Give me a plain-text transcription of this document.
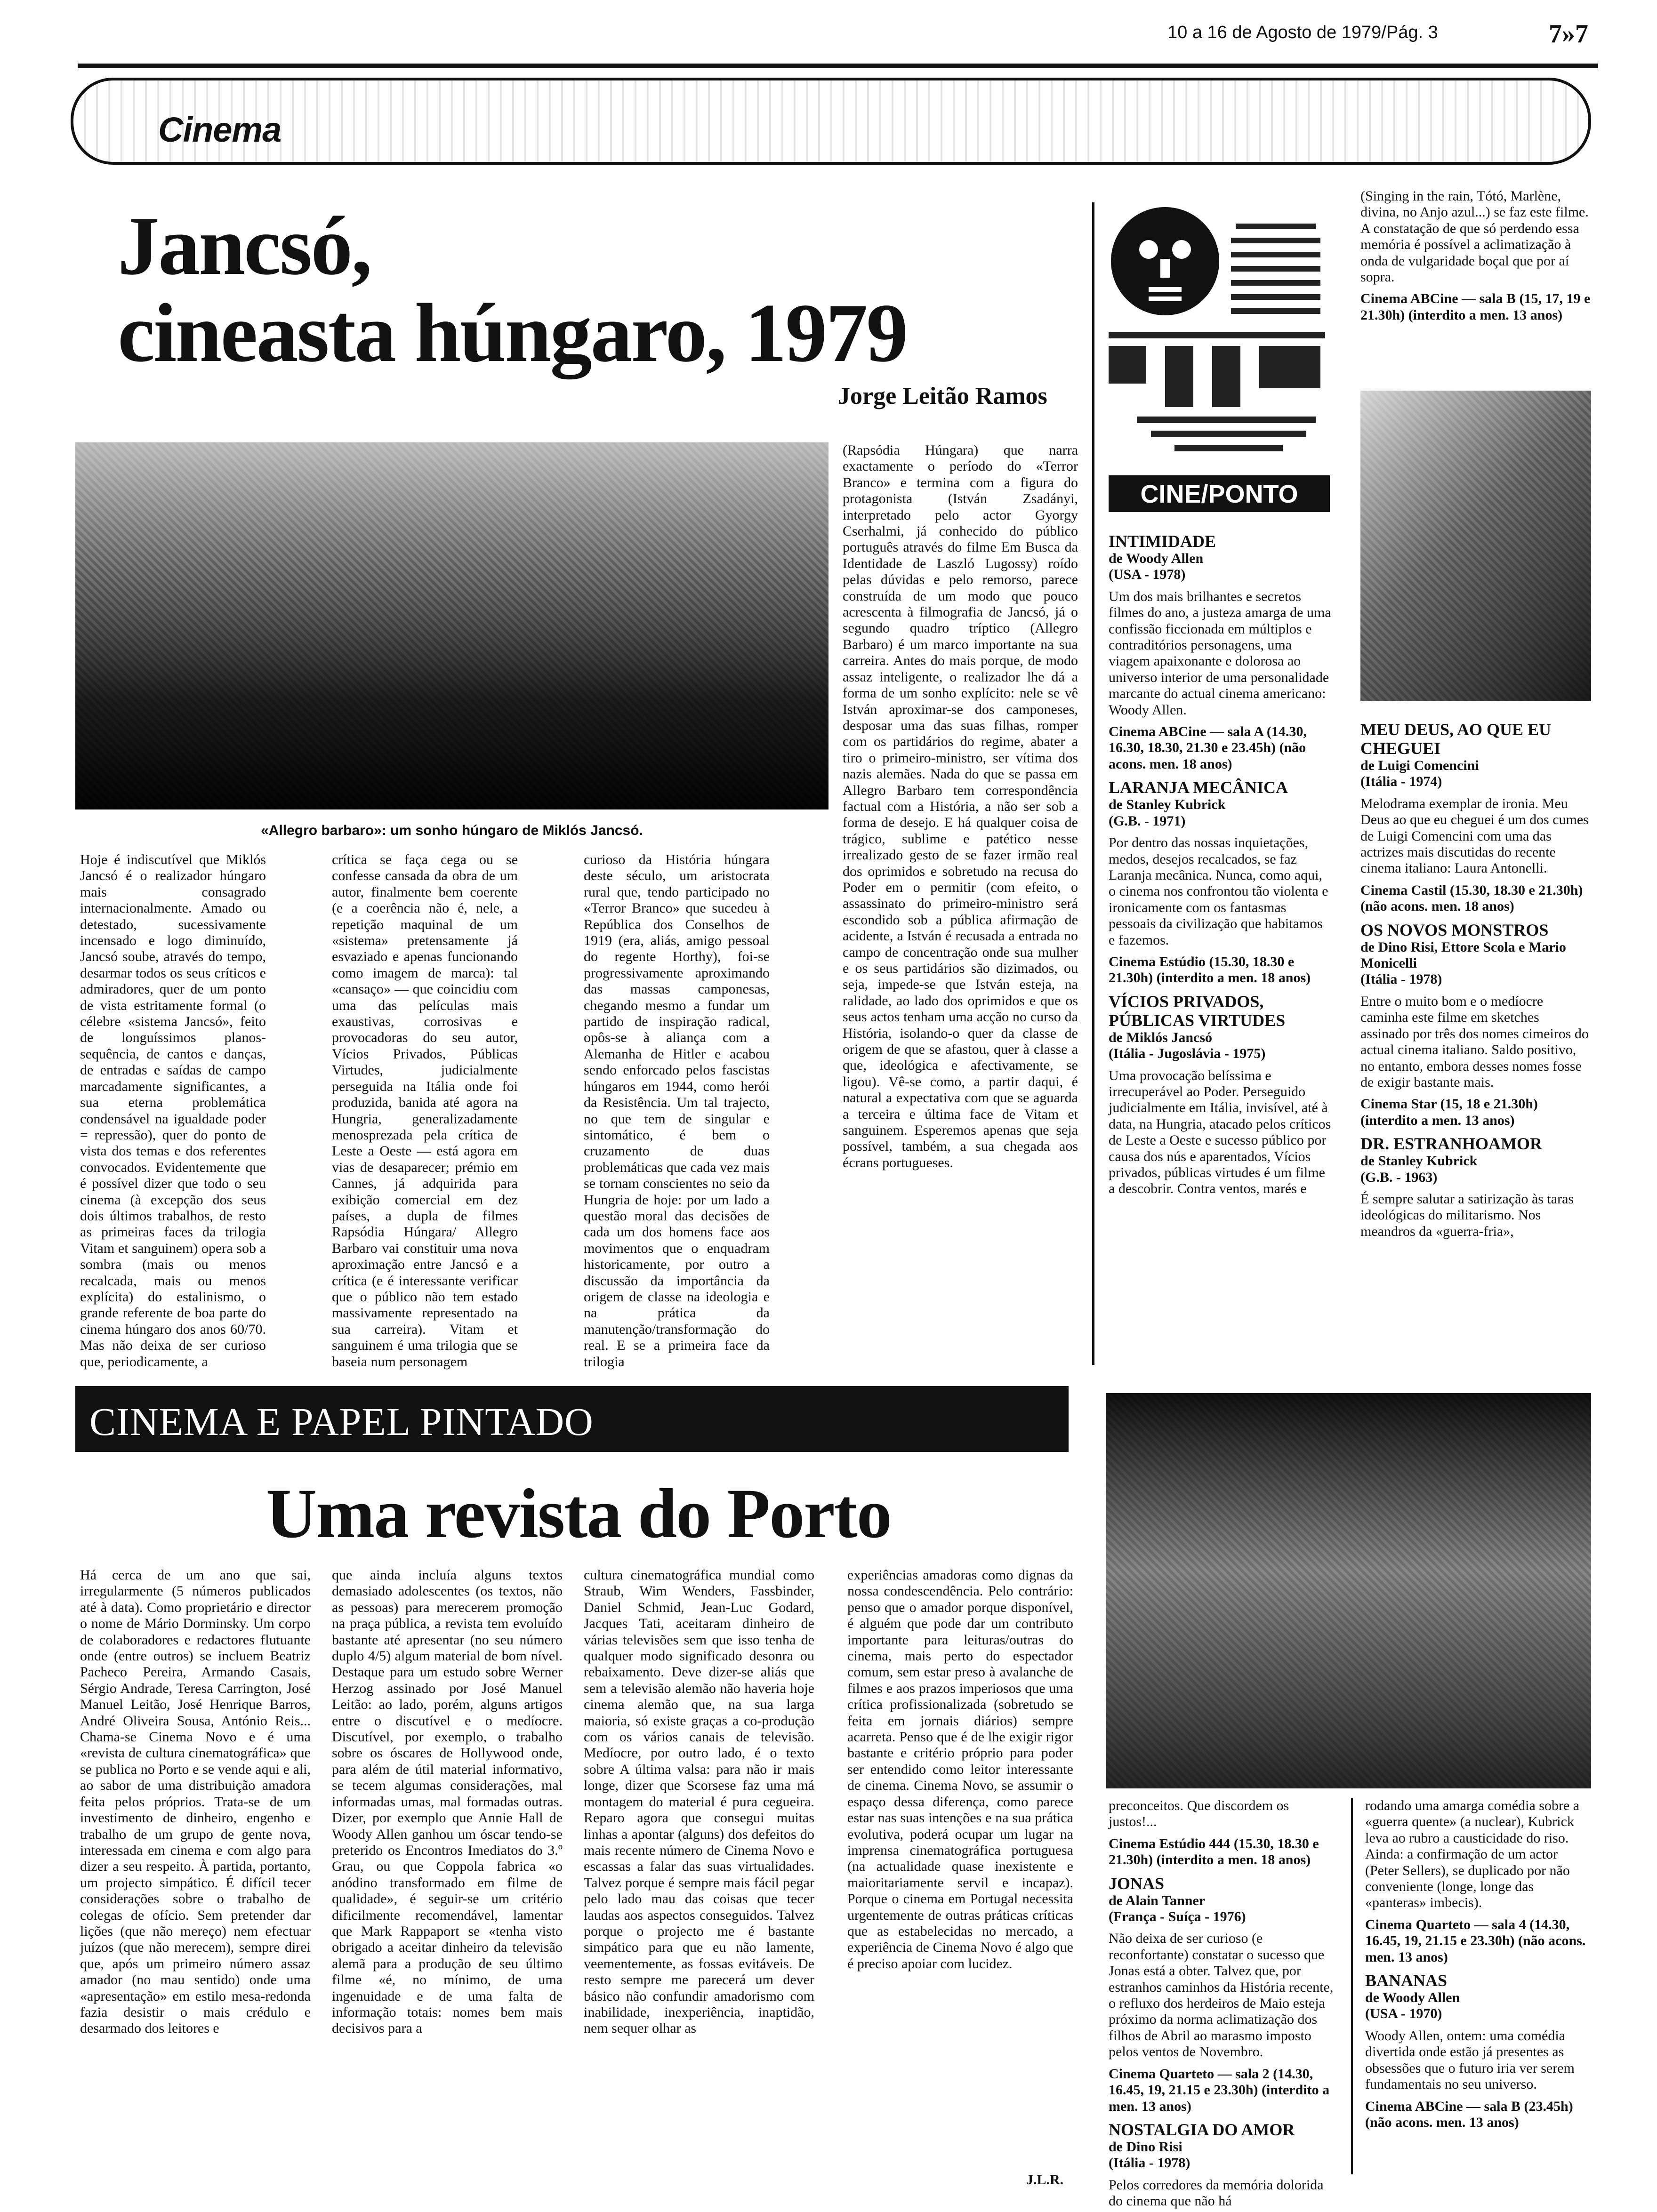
10 a 16 de Agosto de 1979/Pág. 3	7»7
Cinema
Jancsó,
cineasta húngaro, 1979
Jorge Leitão Ramos
«Allegro barbaro»: um sonho húngaro de Miklós Jancsó.
Hoje é indiscutível que Miklós Jancsó é o realizador húngaro mais consagrado internacionalmente. Amado ou detestado, sucessivamente incensado e logo diminuído, Jancsó soube, através do tempo, desarmar todos os seus críticos e admiradores, quer de um ponto de vista estritamente formal (o célebre «sistema Jancsó», feito de longuíssimos planos-sequência, de cantos e danças, de entradas e saídas de campo marcadamente significantes, a sua eterna problemática condensável na igualdade poder = repressão), quer do ponto de vista dos temas e dos referentes convocados. Evidentemente que é possível dizer que todo o seu cinema (à excepção dos seus dois últimos trabalhos, de resto as primeiras faces da trilogia Vitam et sanguinem) opera sob a sombra (mais ou menos recalcada, mais ou menos explícita) do estalinismo, o grande referente de boa parte do cinema húngaro dos anos 60/70. Mas não deixa de ser curioso que, periodicamente, a
crítica se faça cega ou se confesse cansada da obra de um autor, finalmente bem coerente (e a coerência não é, nele, a repetição maquinal de um «sistema» pretensamente já esvaziado e apenas funcionando como imagem de marca): tal «cansaço» — que coincidiu com uma das películas mais exaustivas, corrosivas e provocadoras do seu autor, Vícios Privados, Públicas Virtudes, judicialmente perseguida na Itália onde foi produzida, banida até agora na Hungria, generalizadamente menosprezada pela crítica de Leste a Oeste — está agora em vias de desaparecer; prémio em Cannes, já adquirida para exibição comercial em dez países, a dupla de filmes Rapsódia Húngara/ Allegro Barbaro vai constituir uma nova aproximação entre Jancsó e a crítica (e é interessante verificar que o público não tem estado massivamente representado na sua carreira). Vitam et sanguinem é uma trilogia que se baseia num personagem
curioso da História húngara deste século, um aristocrata rural que, tendo participado no «Terror Branco» que sucedeu à República dos Conselhos de 1919 (era, aliás, amigo pessoal do regente Horthy), foi-se progressivamente aproximando das massas camponesas, chegando mesmo a fundar um partido de inspiração radical, opôs-se à aliança com a Alemanha de Hitler e acabou sendo enforcado pelos fascistas húngaros em 1944, como herói da Resistência. Um tal trajecto, no que tem de singular e sintomático, é bem o cruzamento de duas problemáticas que cada vez mais se tornam conscientes no seio da Hungria de hoje: por um lado a questão moral das decisões de cada um dos homens face aos movimentos que o enquadram historicamente, por outro a discussão da importância da origem de classe na ideologia e na prática da manutenção/transformação do real. E se a primeira face da trilogia
(Rapsódia Húngara) que narra exactamente o período do «Terror Branco» e termina com a figura do protagonista (István Zsadányi, interpretado pelo actor Gyorgy Cserhalmi, já conhecido do público português através do filme Em Busca da Identidade de Laszló Lugossy) roído pelas dúvidas e pelo remorso, parece construída de um modo que pouco acrescenta à filmografia de Jancsó, já o segundo quadro tríptico (Allegro Barbaro) é um marco importante na sua carreira. Antes do mais porque, de modo assaz inteligente, o realizador lhe dá a forma de um sonho explícito: nele se vê István aproximar-se dos camponeses, desposar uma das suas filhas, romper com os partidários do regime, abater a tiro o primeiro-ministro, ser vítima dos nazis alemães. Nada do que se passa em Allegro Barbaro tem correspondência factual com a História, a não ser sob a forma de desejo. E há qualquer coisa de trágico, sublime e patético nesse irrealizado gesto de se fazer irmão real dos oprimidos e sobretudo na recusa do Poder em o permitir (com efeito, o assassinato do primeiro-ministro será escondido sob a pública afirmação de acidente, a István é recusada a entrada no campo de concentração onde sua mulher e os seus partidários são dizimados, ou seja, impede-se que István esteja, na ralidade, ao lado dos oprimidos e que os seus actos tenham uma acção no curso da História, isolando-o quer da classe de origem de que se afastou, quer à classe a que, ideológica e afectivamente, se ligou). Vê-se como, a partir daqui, é natural a expectativa com que se aguarda a terceira e última face de Vitam et sanguinem. Esperemos apenas que seja possível, também, a sua chegada aos écrans portugueses.
CINE/PONTO
INTIMIDADE
de Woody Allen
(USA - 1978)

Um dos mais brilhantes e secretos filmes do ano, a justeza amarga de uma confissão ficcionada em múltiplos e contraditórios personagens, uma viagem apaixonante e dolorosa ao universo interior de uma personalidade marcante do actual cinema americano: Woody Allen.

Cinema ABCine — sala A (14.30, 16.30, 18.30, 21.30 e 23.45h) (não acons. men. 18 anos)

LARANJA MECÂNICA
de Stanley Kubrick
(G.B. - 1971)

Por dentro das nossas inquietações, medos, desejos recalcados, se faz Laranja mecânica. Nunca, como aqui, o cinema nos confrontou tão violenta e ironicamente com os fantasmas pessoais da civilização que habitamos e fazemos.

Cinema Estúdio (15.30, 18.30 e 21.30h) (interdito a men. 18 anos)

VÍCIOS PRIVADOS, PÚBLICAS VIRTUDES
de Miklós Jancsó
(Itália - Jugoslávia - 1975)

Uma provocação belíssima e irrecuperável ao Poder. Perseguido judicialmente em Itália, invisível, até à data, na Hungria, atacado pelos críticos de Leste a Oeste e sucesso público por causa dos nús e aparentados, Vícios privados, públicas virtudes é um filme a descobrir. Contra ventos, marés e

(Singing in the rain, Tótó, Marlène, divina, no Anjo azul...) se faz este filme. A constatação de que só perdendo essa memória é possível a aclimatização à onda de vulgaridade boçal que por aí sopra.

Cinema ABCine — sala B (15, 17, 19 e 21.30h) (interdito a men. 13 anos)

MEU DEUS, AO QUE EU CHEGUEI
de Luigi Comencini
(Itália - 1974)

Melodrama exemplar de ironia. Meu Deus ao que eu cheguei é um dos cumes de Luigi Comencini com uma das actrizes mais discutidas do recente cinema italiano: Laura Antonelli.

Cinema Castil (15.30, 18.30 e 21.30h) (não acons. men. 18 anos)

OS NOVOS MONSTROS
de Dino Risi, Ettore Scola e Mario Monicelli
(Itália - 1978)

Entre o muito bom e o medíocre caminha este filme em sketches assinado por três dos nomes cimeiros do actual cinema italiano. Saldo positivo, no entanto, embora desses nomes fosse de exigir bastante mais.

Cinema Star (15, 18 e 21.30h) (interdito a men. 13 anos)

DR. ESTRANHOAMOR
de Stanley Kubrick
(G.B. - 1963)

É sempre salutar a satirização às taras ideológicas do militarismo. Nos meandros da «guerra-fria»,

CINEMA E PAPEL PINTADO
Uma revista do Porto
Há cerca de um ano que sai, irregularmente (5 números publicados até à data). Como proprietário e director o nome de Mário Dorminsky. Um corpo de colaboradores e redactores flutuante onde (entre outros) se incluem Beatriz Pacheco Pereira, Armando Casais, Sérgio Andrade, Teresa Carrington, José Manuel Leitão, José Henrique Barros, André Oliveira Sousa, António Reis... Chama-se Cinema Novo e é uma «revista de cultura cinematográfica» que se publica no Porto e se vende aqui e ali, ao sabor de uma distribuição amadora feita pelos próprios. Trata-se de um investimento de dinheiro, engenho e trabalho de um grupo de gente nova, interessada em cinema e com algo para dizer a seu respeito. À partida, portanto, um projecto simpático. É difícil tecer considerações sobre o trabalho de colegas de ofício. Sem pretender dar lições (que não mereço) nem efectuar juízos (que não merecem), sempre direi que, após um primeiro número assaz amador (no mau sentido) onde uma «apresentação» em estilo mesa-redonda fazia desistir o mais crédulo e desarmado dos leitores e
que ainda incluía alguns textos demasiado adolescentes (os textos, não as pessoas) para merecerem promoção na praça pública, a revista tem evoluído bastante até apresentar (no seu número duplo 4/5) algum material de bom nível. Destaque para um estudo sobre Werner Herzog assinado por José Manuel Leitão: ao lado, porém, alguns artigos entre o discutível e o medíocre. Discutível, por exemplo, o trabalho sobre os óscares de Hollywood onde, para além de útil material informativo, se tecem algumas considerações, mal informadas umas, mal formadas outras. Dizer, por exemplo que Annie Hall de Woody Allen ganhou um óscar tendo-se preterido os Encontros Imediatos do 3.º Grau, ou que Coppola fabrica «o anódino transformado em filme de qualidade», é seguir-se um critério dificilmente recomendável, lamentar que Mark Rappaport se «tenha visto obrigado a aceitar dinheiro da televisão alemã para a produção de seu último filme «é, no mínimo, de uma ingenuidade e de uma falta de informação totais: nomes bem mais decisivos para a
cultura cinematográfica mundial como Straub, Wim Wenders, Fassbinder, Daniel Schmid, Jean-Luc Godard, Jacques Tati, aceitaram dinheiro de várias televisões sem que isso tenha de qualquer modo significado desonra ou rebaixamento. Deve dizer-se aliás que sem a televisão alemão não haveria hoje cinema alemão que, na sua larga maioria, só existe graças a co-produção com os vários canais de televisão. Medíocre, por outro lado, é o texto sobre A última valsa: para não ir mais longe, dizer que Scorsese faz uma má montagem do material é pura cegueira. Reparo agora que consegui muitas linhas a apontar (alguns) dos defeitos do mais recente número de Cinema Novo e escassas a falar das suas virtualidades. Talvez porque é sempre mais fácil pegar pelo lado mau das coisas que tecer laudas aos aspectos conseguidos. Talvez porque o projecto me é bastante simpático para que eu não lamente, veementemente, as fossas evitáveis. De resto sempre me parecerá um dever básico não confundir amadorismo com inabilidade, inexperiência, inaptidão, nem sequer olhar as
experiências amadoras como dignas da nossa condescendência. Pelo contrário: penso que o amador porque disponível, é alguém que pode dar um contributo importante para leituras/outras do cinema, mais perto do espectador comum, sem estar preso à avalanche de filmes e aos prazos imperiosos que uma crítica profissionalizada (sobretudo se feita em jornais diários) sempre acarreta. Penso que é de lhe exigir rigor bastante e critério próprio para poder ser entendido como leitor interessante de cinema. Cinema Novo, se assumir o espaço dessa diferença, como parece estar nas suas intenções e na sua prática evolutiva, poderá ocupar um lugar na imprensa cinematográfica portuguesa (na actualidade quase inexistente e maioritariamente servil e incapaz). Porque o cinema em Portugal necessita urgentemente de outras práticas críticas que as estabelecidas no mercado, a experiência de Cinema Novo é algo que é preciso apoiar com lucidez.
J.L.R.

preconceitos. Que discordem os justos!...

Cinema Estúdio 444 (15.30, 18.30 e 21.30h) (interdito a men. 18 anos)

JONAS
de Alain Tanner
(França - Suíça - 1976)

Não deixa de ser curioso (e reconfortante) constatar o sucesso que Jonas está a obter. Talvez que, por estranhos caminhos da História recente, o refluxo dos herdeiros de Maio esteja próximo da norma aclimatização dos filhos de Abril ao marasmo imposto pelos ventos de Novembro.

Cinema Quarteto — sala 2 (14.30, 16.45, 19, 21.15 e 23.30h) (interdito a men. 13 anos)

NOSTALGIA DO AMOR
de Dino Risi
(Itália - 1978)

Pelos corredores da memória dolorida do cinema que não há

rodando uma amarga comédia sobre a «guerra quente» (a nuclear), Kubrick leva ao rubro a causticidade do riso. Ainda: a confirmação de um actor (Peter Sellers), se duplicado por não conveniente (longe, longe das «panteras» imbecis).

Cinema Quarteto — sala 4 (14.30, 16.45, 19, 21.15 e 23.30h) (não acons. men. 13 anos)

BANANAS
de Woody Allen
(USA - 1970)

Woody Allen, ontem: uma comédia divertida onde estão já presentes as obsessões que o futuro iria ver serem fundamentais no seu universo.

Cinema ABCine — sala B (23.45h) (não acons. men. 13 anos)
